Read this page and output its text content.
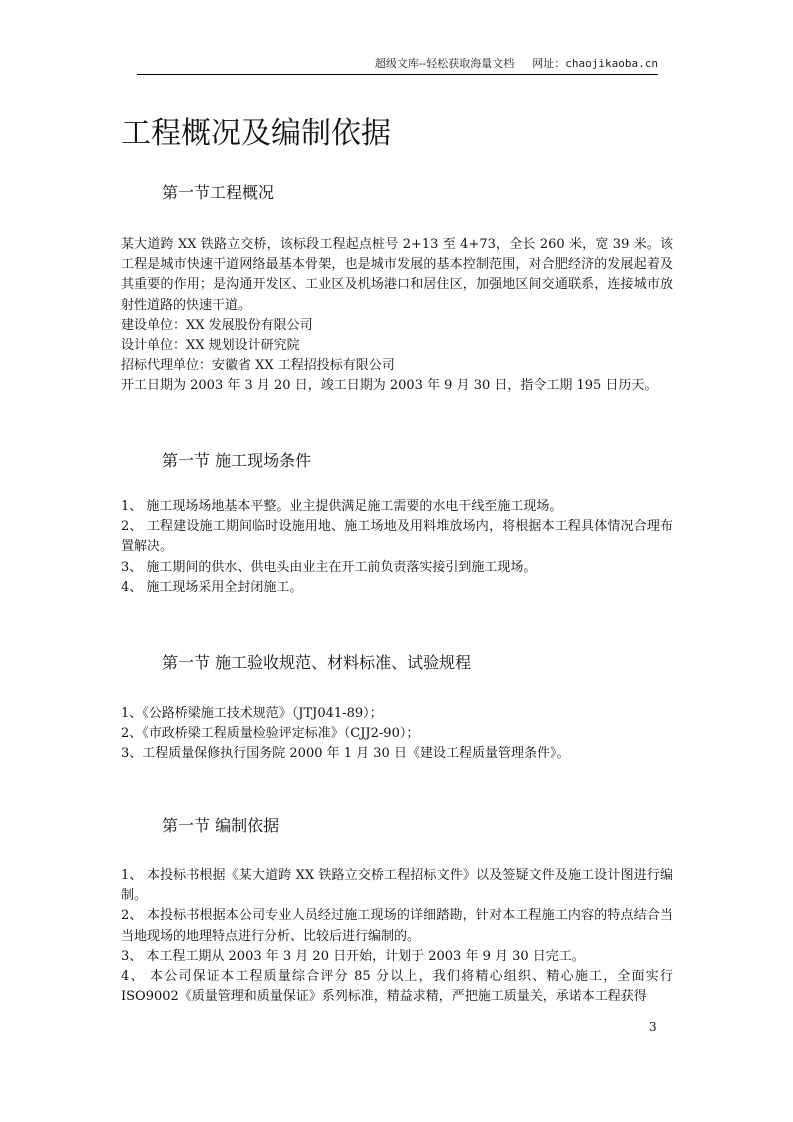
超级文库--轻松获取海量文档 网址：chaojikaoba.cn
工程概况及编制依据
第一节工程概况

某大道跨 XX 铁路立交桥，该标段工程起点桩号 2+13 至 4+73，全长 260 米，宽 39 米。该工程是城市快速干道网络最基本骨架，也是城市发展的基本控制范围，对合肥经济的发展起着及其重要的作用；是沟通开发区、工业区及机场港口和居住区，加强地区间交通联系，连接城市放射性道路的快速干道。

建设单位：XX 发展股份有限公司

设计单位：XX 规划设计研究院

招标代理单位：安徽省 XX 工程招投标有限公司

开工日期为 2003 年 3 月 20 日，竣工日期为 2003 年 9 月 30 日，指令工期 195 日历天。

第一节 施工现场条件

1、 施工现场场地基本平整。业主提供满足施工需要的水电干线至施工现场。

2、 工程建设施工期间临时设施用地、施工场地及用料堆放场内，将根据本工程具体情况合理布置解决。

3、 施工期间的供水、供电头由业主在开工前负责落实接引到施工现场。

4、 施工现场采用全封闭施工。

第一节 施工验收规范、材料标准、试验规程

1、《公路桥梁施工技术规范》（JTJ041-89）；

2、《市政桥梁工程质量检验评定标准》（CJJ2-90）；

3、工程质量保修执行国务院 2000 年 1 月 30 日《建设工程质量管理条件》。

第一节 编制依据

1、 本投标书根据《某大道跨 XX 铁路立交桥工程招标文件》以及签疑文件及施工设计图进行编制。

2、 本投标书根据本公司专业人员经过施工现场的详细踏勘，针对本工程施工内容的特点结合当当地现场的地理特点进行分析、比较后进行编制的。

3、 本工程工期从 2003 年 3 月 20 日开始，计划于 2003 年 9 月 30 日完工。

4、 本公司保证本工程质量综合评分 85 分以上，我们将精心组织、精心施工，全面实行 ISO9002《质量管理和质量保证》系列标准，精益求精，严把施工质量关，承诺本工程获得

3
